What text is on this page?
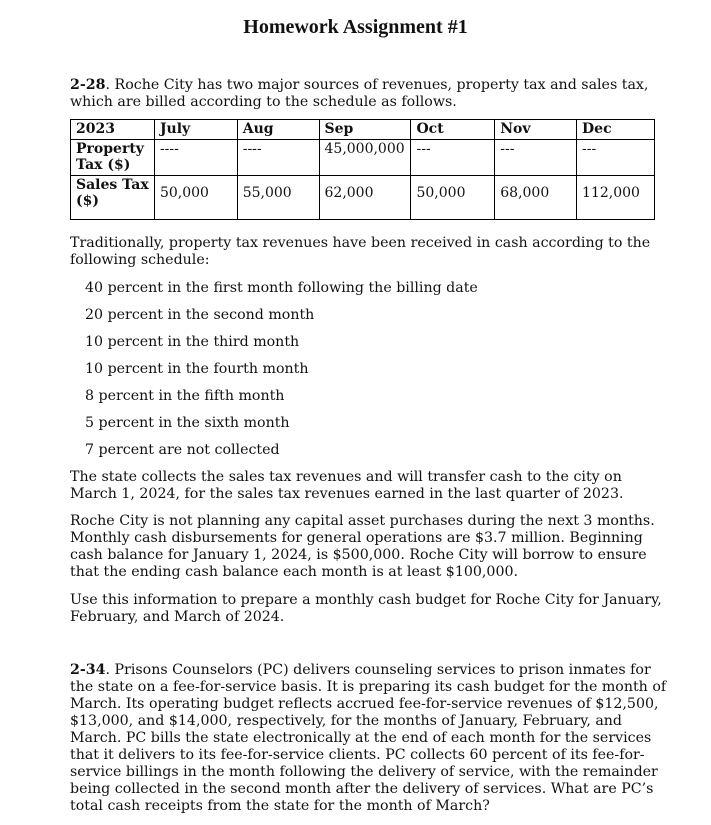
Homework Assignment #1

2-28. Roche City has two major sources of revenues, property tax and sales tax, which are billed according to the schedule as follows.

2023	July	Aug	Sep	Oct	Nov	Dec
Property Tax ($)	----	----	45,000,000	---	---	---
Sales Tax ($)	50,000	55,000	62,000	50,000	68,000	112,000

Traditionally, property tax revenues have been received in cash according to the following schedule:

40 percent in the first month following the billing date
20 percent in the second month
10 percent in the third month
10 percent in the fourth month
8 percent in the fifth month
5 percent in the sixth month
7 percent are not collected

The state collects the sales tax revenues and will transfer cash to the city on March 1, 2024, for the sales tax revenues earned in the last quarter of 2023.

Roche City is not planning any capital asset purchases during the next 3 months. Monthly cash disbursements for general operations are $3.7 million. Beginning cash balance for January 1, 2024, is $500,000. Roche City will borrow to ensure that the ending cash balance each month is at least $100,000.

Use this information to prepare a monthly cash budget for Roche City for January, February, and March of 2024.

2-34. Prisons Counselors (PC) delivers counseling services to prison inmates for the state on a fee-for-service basis. It is preparing its cash budget for the month of March. Its operating budget reflects accrued fee-for-service revenues of $12,500, $13,000, and $14,000, respectively, for the months of January, February, and March. PC bills the state electronically at the end of each month for the services that it delivers to its fee-for-service clients. PC collects 60 percent of its fee-for-service billings in the month following the delivery of service, with the remainder being collected in the second month after the delivery of services. What are PC’s total cash receipts from the state for the month of March?
